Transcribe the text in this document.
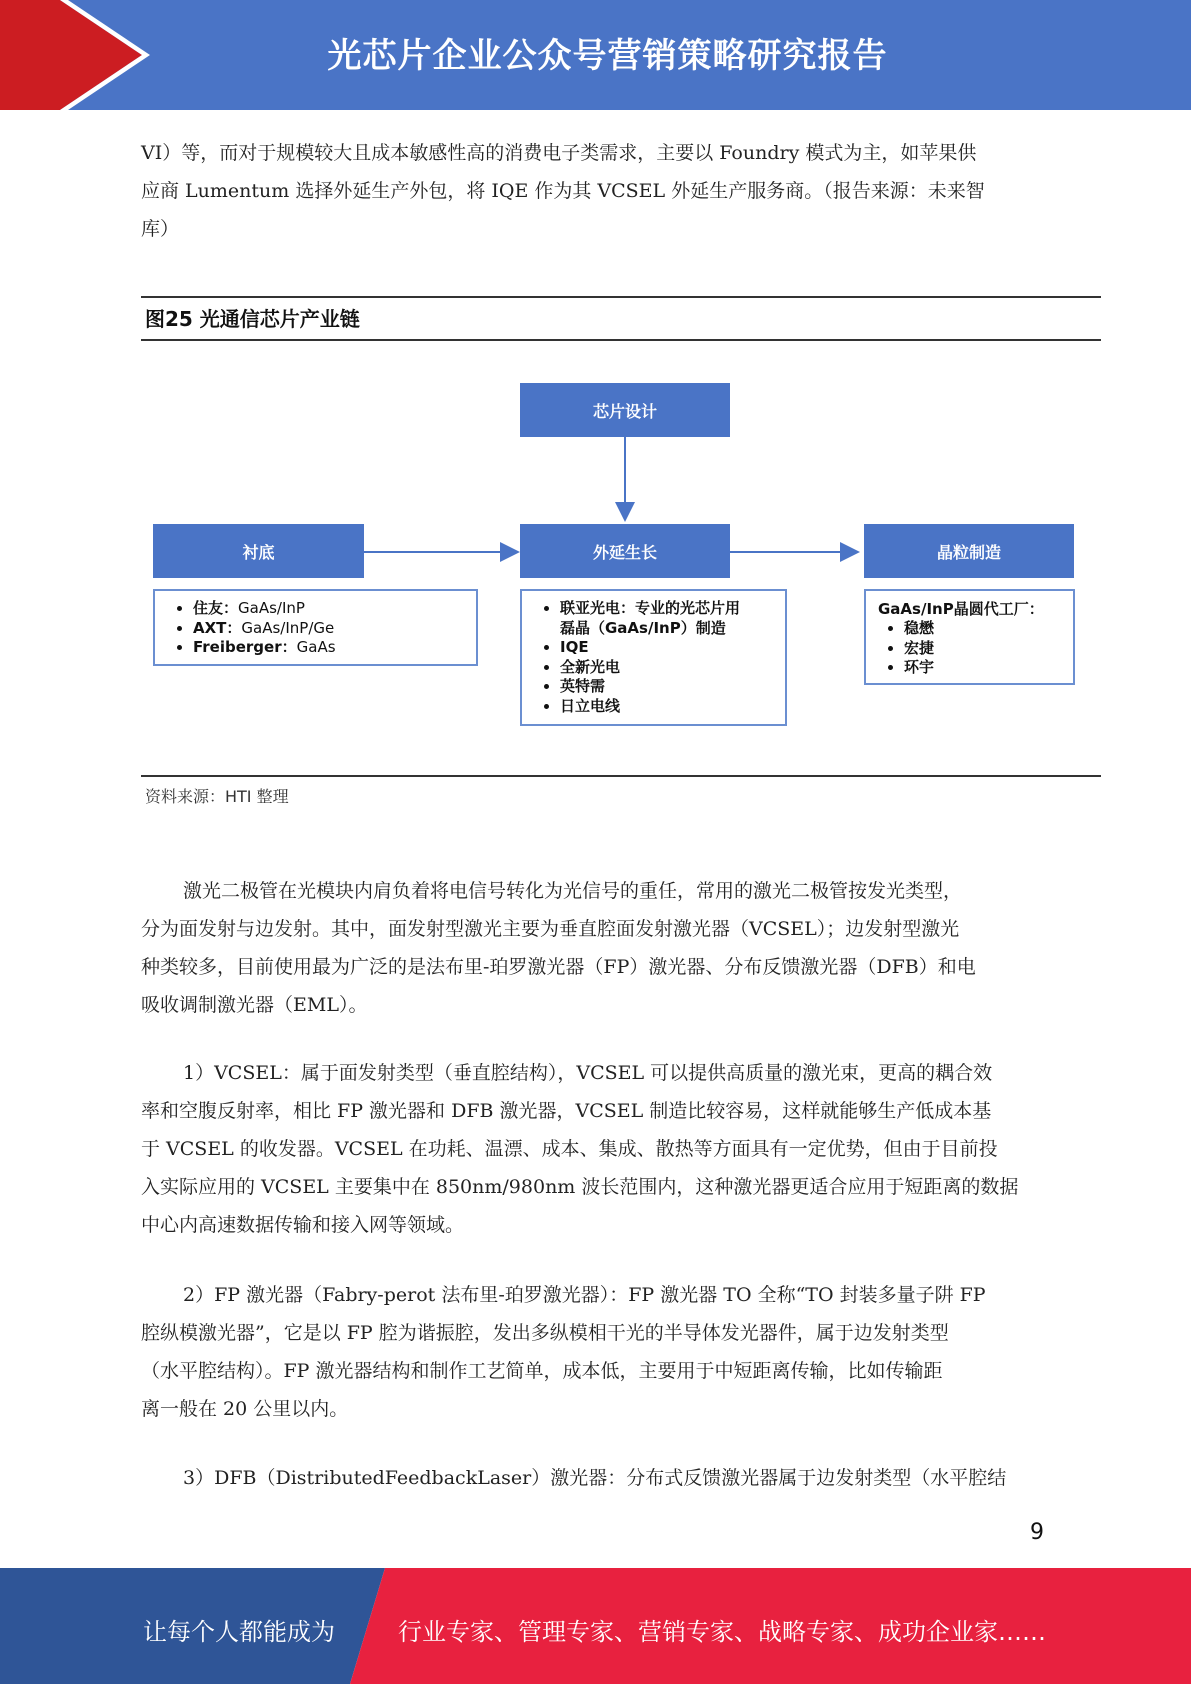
光芯片企业公众号营销策略研究报告
VI）等，而对于规模较大且成本敏感性高的消费电子类需求，主要以 Foundry 模式为主，如苹果供
应商 Lumentum 选择外延生产外包，将 IQE 作为其 VCSEL 外延生产服务商。（报告来源：未来智
库）
图25 光通信芯片产业链
芯片设计
衬底	外延生长	晶粒制造
• 住友：GaAs/InP
• AXT：GaAs/InP/Ge
• Freiberger：GaAs
• 联亚光电：专业的光芯片用
磊晶（GaAs/InP）制造
• IQE
• 全新光电
• 英特需
• 日立电线
GaAs/InP晶圆代工厂：
• 稳懋
• 宏捷
• 环宇
资料来源：HTI 整理
激光二极管在光模块内肩负着将电信号转化为光信号的重任，常用的激光二极管按发光类型，
分为面发射与边发射。其中，面发射型激光主要为垂直腔面发射激光器（VCSEL）；边发射型激光
种类较多，目前使用最为广泛的是法布里-珀罗激光器（FP）激光器、分布反馈激光器（DFB）和电
吸收调制激光器（EML）。
1）VCSEL：属于面发射类型（垂直腔结构），VCSEL 可以提供高质量的激光束，更高的耦合效
率和空腹反射率，相比 FP 激光器和 DFB 激光器，VCSEL 制造比较容易，这样就能够生产低成本基
于 VCSEL 的收发器。VCSEL 在功耗、温漂、成本、集成、散热等方面具有一定优势，但由于目前投
入实际应用的 VCSEL 主要集中在 850nm/980nm 波长范围内，这种激光器更适合应用于短距离的数据
中心内高速数据传输和接入网等领域。
2）FP 激光器（Fabry-perot 法布里-珀罗激光器）：FP 激光器 TO 全称“TO 封装多量子阱 FP
腔纵模激光器”，它是以 FP 腔为谐振腔，发出多纵模相干光的半导体发光器件，属于边发射类型
（水平腔结构）。FP 激光器结构和制作工艺简单，成本低，主要用于中短距离传输，比如传输距
离一般在 20 公里以内。
3）DFB（DistributedFeedbackLaser）激光器：分布式反馈激光器属于边发射类型（水平腔结
9
让每个人都能成为	行业专家、管理专家、营销专家、战略专家、成功企业家……
